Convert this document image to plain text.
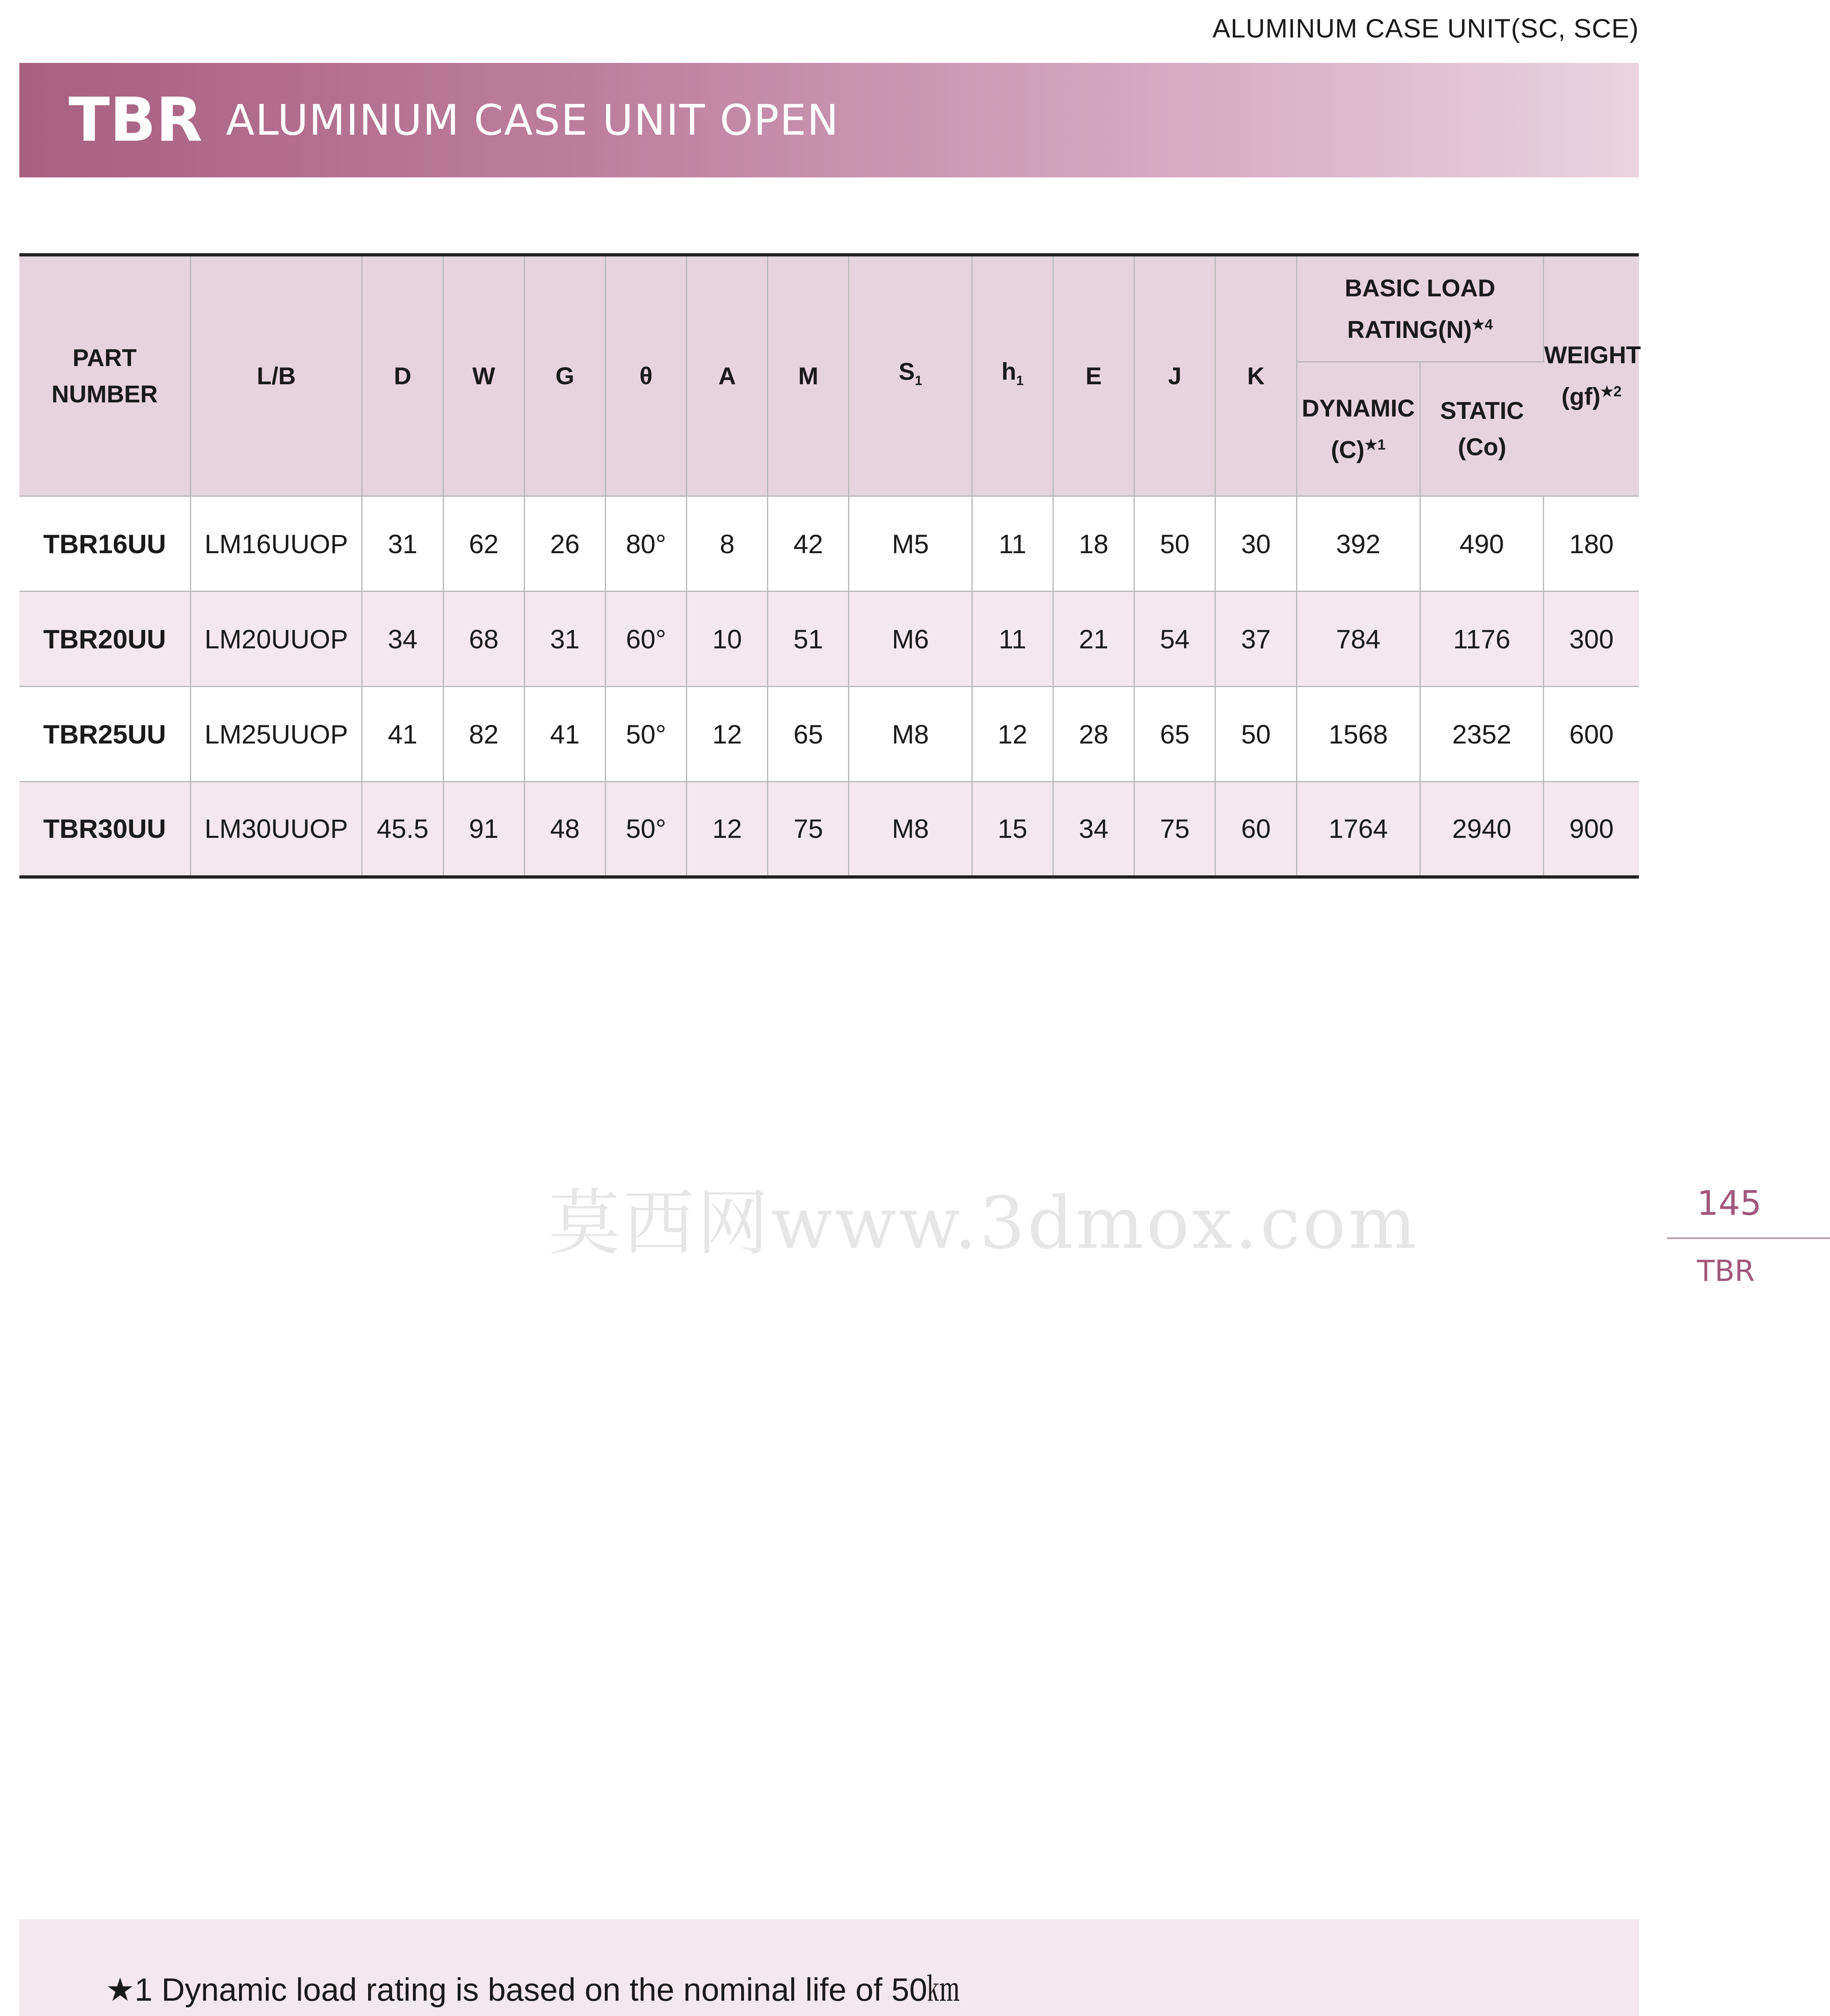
ALUMINUM CASE UNIT(SC, SCE)
TBR ALUMINUM CASE UNIT OPEN
PART NUMBER	L/B	D	W	G	θ	A	M	$S_1$	$h_1$	E	J	K	BASIC LOAD $RATING(N)^{★4}$		WEIGHT (gf)$^{★2}$
													DYNAMIC $(C)^{★1}$	STATIC (Co)	
TBR16UU	LM16UUOP	31	62	26	80°	8	42	M5	11	18	50	30	392	490	180
TBR20UU	LM20UUOP	34	68	31	60°	10	51	M6	11	21	54	37	784	1176	300
TBR25UU	LM25UUOP	41	82	41	50°	12	65	M8	12	28	65	50	1568	2352	600
TBR30UU	LM30UUOP	45.5	91	48	50°	12	75	M8	15	34	75	60	1764	2940	900
莫西网www.3dmox.com	145
TBR
★1 Dynamic load rating is based on the nominal life of 50㎞
